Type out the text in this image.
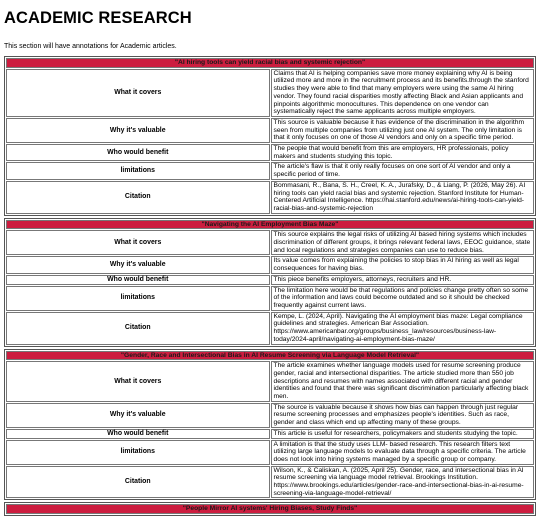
ACADEMIC RESEARCH
This section will have annotations for Academic articles.
"AI hiring tools can yield racial bias and systemic rejection"	
What it covers	Claims that AI is helping companies save more money explaining why AI is being utilized more and more in the recruitment process and its benefits.through the stanford studies they were able to find that many employers were using the same AI hiring vendor. They found racial disparities mostly affecting Black and Asian applicants and pinpoints algorithmic monocultures. This dependence on one vendor can systematically reject the same applicants across multiple employers.
Why it's valuable	This source is valuable because it has evidence of the discrimination in the algorithm seen from multiple companies from utilizing just one AI system. The only limitation is that it only focuses on one of those AI vendors and only on a specific time period.
Who would benefit	The people that would benefit from this are employers, HR professionals, policy makers and students studying this topic.
limitations	The article's flaw is that it only really focuses on one sort of AI vendor and only a specific period of time.
Citation	Bommasani, R., Bana, S. H., Creel, K. A., Jurafsky, D., & Liang, P. (2026, May 26). AI hiring tools can yield racial bias and systemic rejection. Stanford Institute for Human-Centered Artificial Intelligence. https://hai.stanford.edu/news/ai-hiring-tools-can-yield-racial-bias-and-systemic-rejection
"Navigating the AI Employment Bias Maze"	
What it covers	This source explains the legal risks of utilizing AI based hiring systems which includes discrimination of different groups, it brings relevant federal laws, EEOC guidance, state and local regulations and strategies companies can use to reduce bias.
Why it's valuable	Its value comes from explaining the policies to stop bias in AI hiring as well as legal consequences for having bias.
Who would benefit	This piece benefits employers, attorneys, recruiters and HR.
limitations	The limitation here would be that regulations and policies change pretty often so some of the information and laws could become outdated and so it should be checked frequently against current laws.
Citation	Kempe, L. (2024, April). Navigating the AI employment bias maze: Legal compliance guidelines and strategies. American Bar Association. https://www.americanbar.org/groups/business_law/resources/business-law-today/2024-april/navigating-ai-employment-bias-maze/
"Gender, Race and Intersectional Bias in AI Resume Screening via Language Model Retrieval"	
What it covers	The article examines whether language models used for resume screening produce gender, racial and intersectional disparities. The article studied more than 550 job descriptions and resumes with names associated with different racial and gender identities and found that there was significant discrimination particularly affecting black men.
Why it's valuable	The source is valuable because it shows how bias can happen through just regular resume screening processes and emphasizes people's identities. Such as race, gender and class which end up affecting many of these groups.
Who would benefit	This article is useful for researchers, policymakers and students studying the topic.
limitations	A limitation is that the study uses LLM- based research. This research filters text utilizing large language models to evaluate data through a specific criteria. The article does not look into hiring systems managed by a specific group or company.
Citation	Wilson, K., & Caliskan, A. (2025, April 25). Gender, race, and intersectional bias in AI resume screening via language model retrieval. Brookings Institution. https://www.brookings.edu/articles/gender-race-and-intersectional-bias-in-ai-resume-screening-via-language-model-retrieval/
"People Mirror AI systems' Hiring Biases, Study Finds"
